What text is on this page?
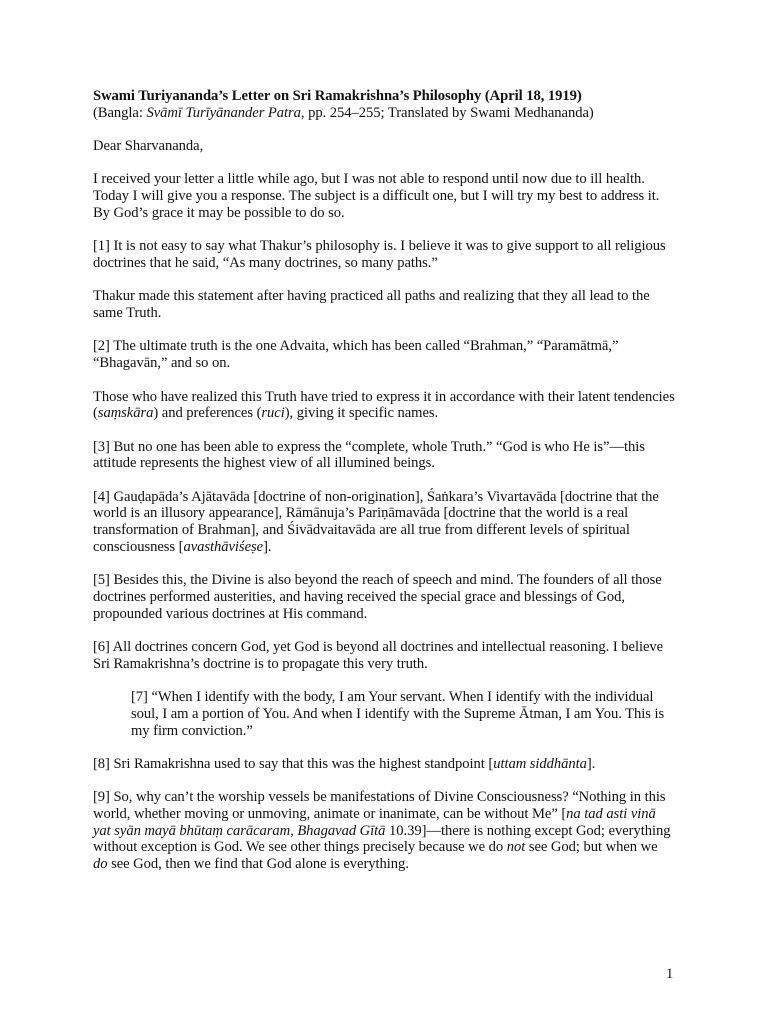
Swami Turiyananda’s Letter on Sri Ramakrishna’s Philosophy (April 18, 1919)

(Bangla: Svāmī Turīyānander Patra, pp. 254–255; Translated by Swami Medhananda)

Dear Sharvananda,

I received your letter a little while ago, but I was not able to respond until now due to ill health. Today I will give you a response. The subject is a difficult one, but I will try my best to address it. By God’s grace it may be possible to do so.

[1] It is not easy to say what Thakur’s philosophy is. I believe it was to give support to all religious doctrines that he said, “As many doctrines, so many paths.”

Thakur made this statement after having practiced all paths and realizing that they all lead to the same Truth.

[2] The ultimate truth is the one Advaita, which has been called “Brahman,” “Paramātmā,” “Bhagavān,” and so on.

Those who have realized this Truth have tried to express it in accordance with their latent tendencies (saṃskāra) and preferences (ruci), giving it specific names.

[3] But no one has been able to express the “complete, whole Truth.” “God is who He is”—this attitude represents the highest view of all illumined beings.

[4] Gauḍapāda’s Ajātavāda [doctrine of non-origination], Śaṅkara’s Vivartavāda [doctrine that the world is an illusory appearance], Rāmānuja’s Pariṇāmavāda [doctrine that the world is a real transformation of Brahman], and Śivādvaitavāda are all true from different levels of spiritual consciousness [avasthāviśeṣe].

[5] Besides this, the Divine is also beyond the reach of speech and mind. The founders of all those doctrines performed austerities, and having received the special grace and blessings of God, propounded various doctrines at His command.

[6] All doctrines concern God, yet God is beyond all doctrines and intellectual reasoning. I believe Sri Ramakrishna’s doctrine is to propagate this very truth.

[7] “When I identify with the body, I am Your servant. When I identify with the individual soul, I am a portion of You. And when I identify with the Supreme Ātman, I am You. This is my firm conviction.”

[8] Sri Ramakrishna used to say that this was the highest standpoint [uttam siddhānta].

[9] So, why can’t the worship vessels be manifestations of Divine Consciousness? “Nothing in this world, whether moving or unmoving, animate or inanimate, can be without Me” [na tad asti vinā yat syān mayā bhūtaṃ carācaram, Bhagavad Gītā 10.39]—there is nothing except God; everything without exception is God. We see other things precisely because we do not see God; but when we do see God, then we find that God alone is everything.

1
